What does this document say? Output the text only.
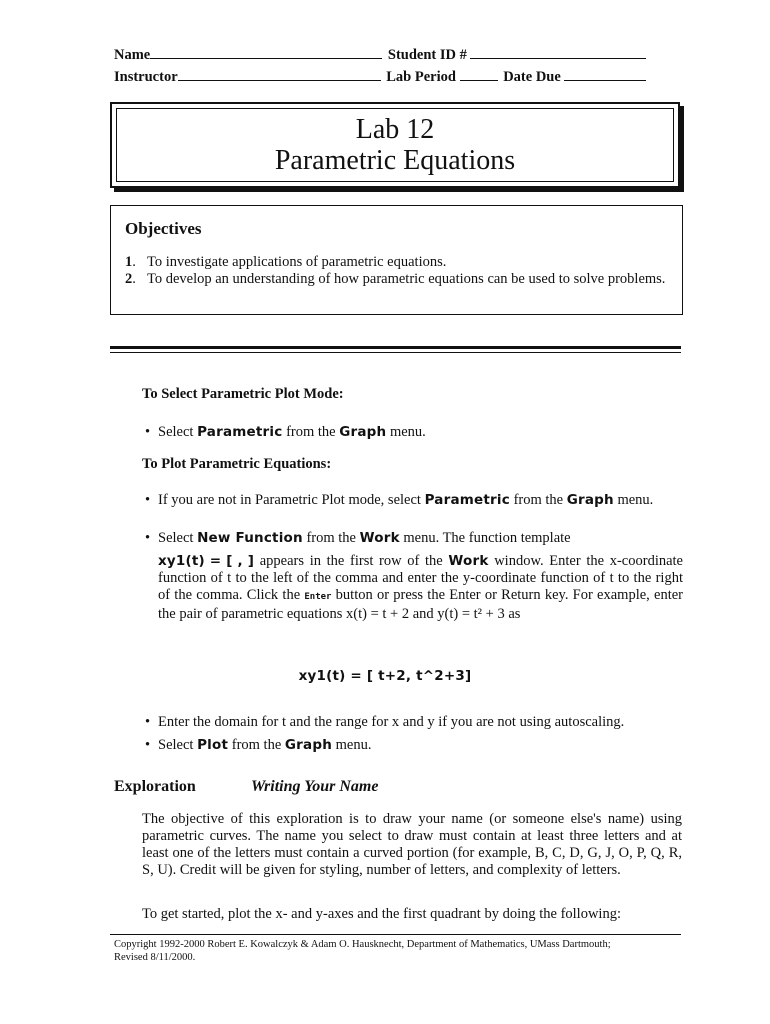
Name	Student ID #
Instructor	Lab Period	Date Due
Lab 12
Parametric Equations
Objectives
1. To investigate applications of parametric equations.
2. To develop an understanding of how parametric equations can be used to solve problems.
To Select Parametric Plot Mode:
• Select Parametric from the Graph menu.
To Plot Parametric Equations:
• If you are not in Parametric Plot mode, select Parametric from the Graph menu.
• Select New Function from the Work menu. The function template
xy1(t) = [ , ] appears in the first row of the Work window. Enter the x-coordinate function of t to the left of the comma and enter the y-coordinate function of t to the right of the comma. Click the Enter button or press the Enter or Return key. For example, enter the pair of parametric equations x(t) = t + 2 and y(t) = t² + 3 as
xy1(t) = [ t+2, t^2+3]
• Enter the domain for t and the range for x and y if you are not using autoscaling.
• Select Plot from the Graph menu.
Exploration	Writing Your Name
The objective of this exploration is to draw your name (or someone else's name) using parametric curves. The name you select to draw must contain at least three letters and at least one of the letters must contain a curved portion (for example, B, C, D, G, J, O, P, Q, R, S, U). Credit will be given for styling, number of letters, and complexity of letters.
To get started, plot the x- and y-axes and the first quadrant by doing the following:
Copyright 1992-2000 Robert E. Kowalczyk & Adam O. Hausknecht, Department of Mathematics, UMass Dartmouth;
Revised 8/11/2000.
